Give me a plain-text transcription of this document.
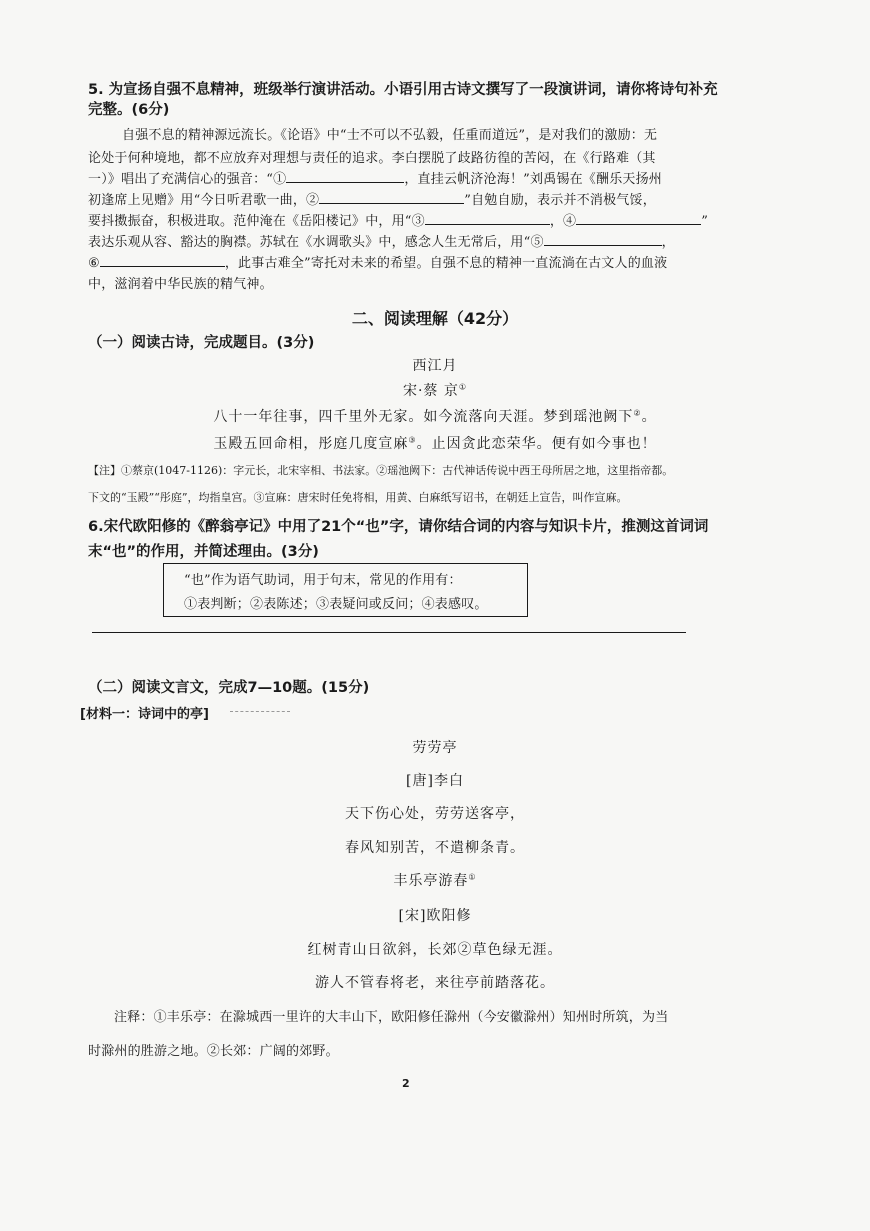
5. 为宣扬自强不息精神，班级举行演讲活动。小语引用古诗文撰写了一段演讲词，请你将诗句补充
完整。(6分)
自强不息的精神源远流长。《论语》中“士不可以不弘毅，任重而道远”，是对我们的激励：无
论处于何种境地，都不应放弃对理想与责任的追求。李白摆脱了歧路彷徨的苦闷，在《行路难（其
一）》唱出了充满信心的强音：“①	，直挂云帆济沧海！”刘禹锡在《酬乐天扬州
初逢席上见赠》用“今日听君歌一曲，②	”自勉自励，表示并不消极气馁，
要抖擞振奋，积极进取。范仲淹在《岳阳楼记》中，用“③	，④	”
表达乐观从容、豁达的胸襟。苏轼在《水调歌头》中，感念人生无常后，用“⑤	，
⑥	，此事古难全”寄托对未来的希望。自强不息的精神一直流淌在古文人的血液
中，滋润着中华民族的精气神。
二、阅读理解（42分）
（一）阅读古诗，完成题目。(3分)
西江月
宋·蔡 京①
八十一年往事，四千里外无家。如今流落向天涯。梦到瑶池阙下②。
玉殿五回命相，彤庭几度宣麻③。止因贪此恋荣华。便有如今事也！
【注】①蔡京(1047-1126)：字元长，北宋宰相、书法家。②瑶池阙下：古代神话传说中西王母所居之地，这里指帝都。
下文的“玉殿”“彤庭”，均指皇宫。③宣麻：唐宋时任免将相，用黄、白麻纸写诏书，在朝廷上宣告，叫作宣麻。
6.宋代欧阳修的《醉翁亭记》中用了21个“也”字，请你结合词的内容与知识卡片，推测这首词词
末“也”的作用，并简述理由。(3分)
“也”作为语气助词，用于句末，常见的作用有：
①表判断；②表陈述；③表疑问或反问；④表感叹。
（二）阅读文言文，完成7—10题。(15分)
[材料一：诗词中的亭]
劳劳亭
[唐]李白
天下伤心处，劳劳送客亭，
春风知别苦，不遣柳条青。
丰乐亭游春①
[宋]欧阳修
红树青山日欲斜，长郊②草色绿无涯。
游人不管春将老，来往亭前踏落花。
注释：①丰乐亭：在滁城西一里许的大丰山下，欧阳修任滁州（今安徽滁州）知州时所筑，为当
时滁州的胜游之地。②长郊：广阔的郊野。
2
